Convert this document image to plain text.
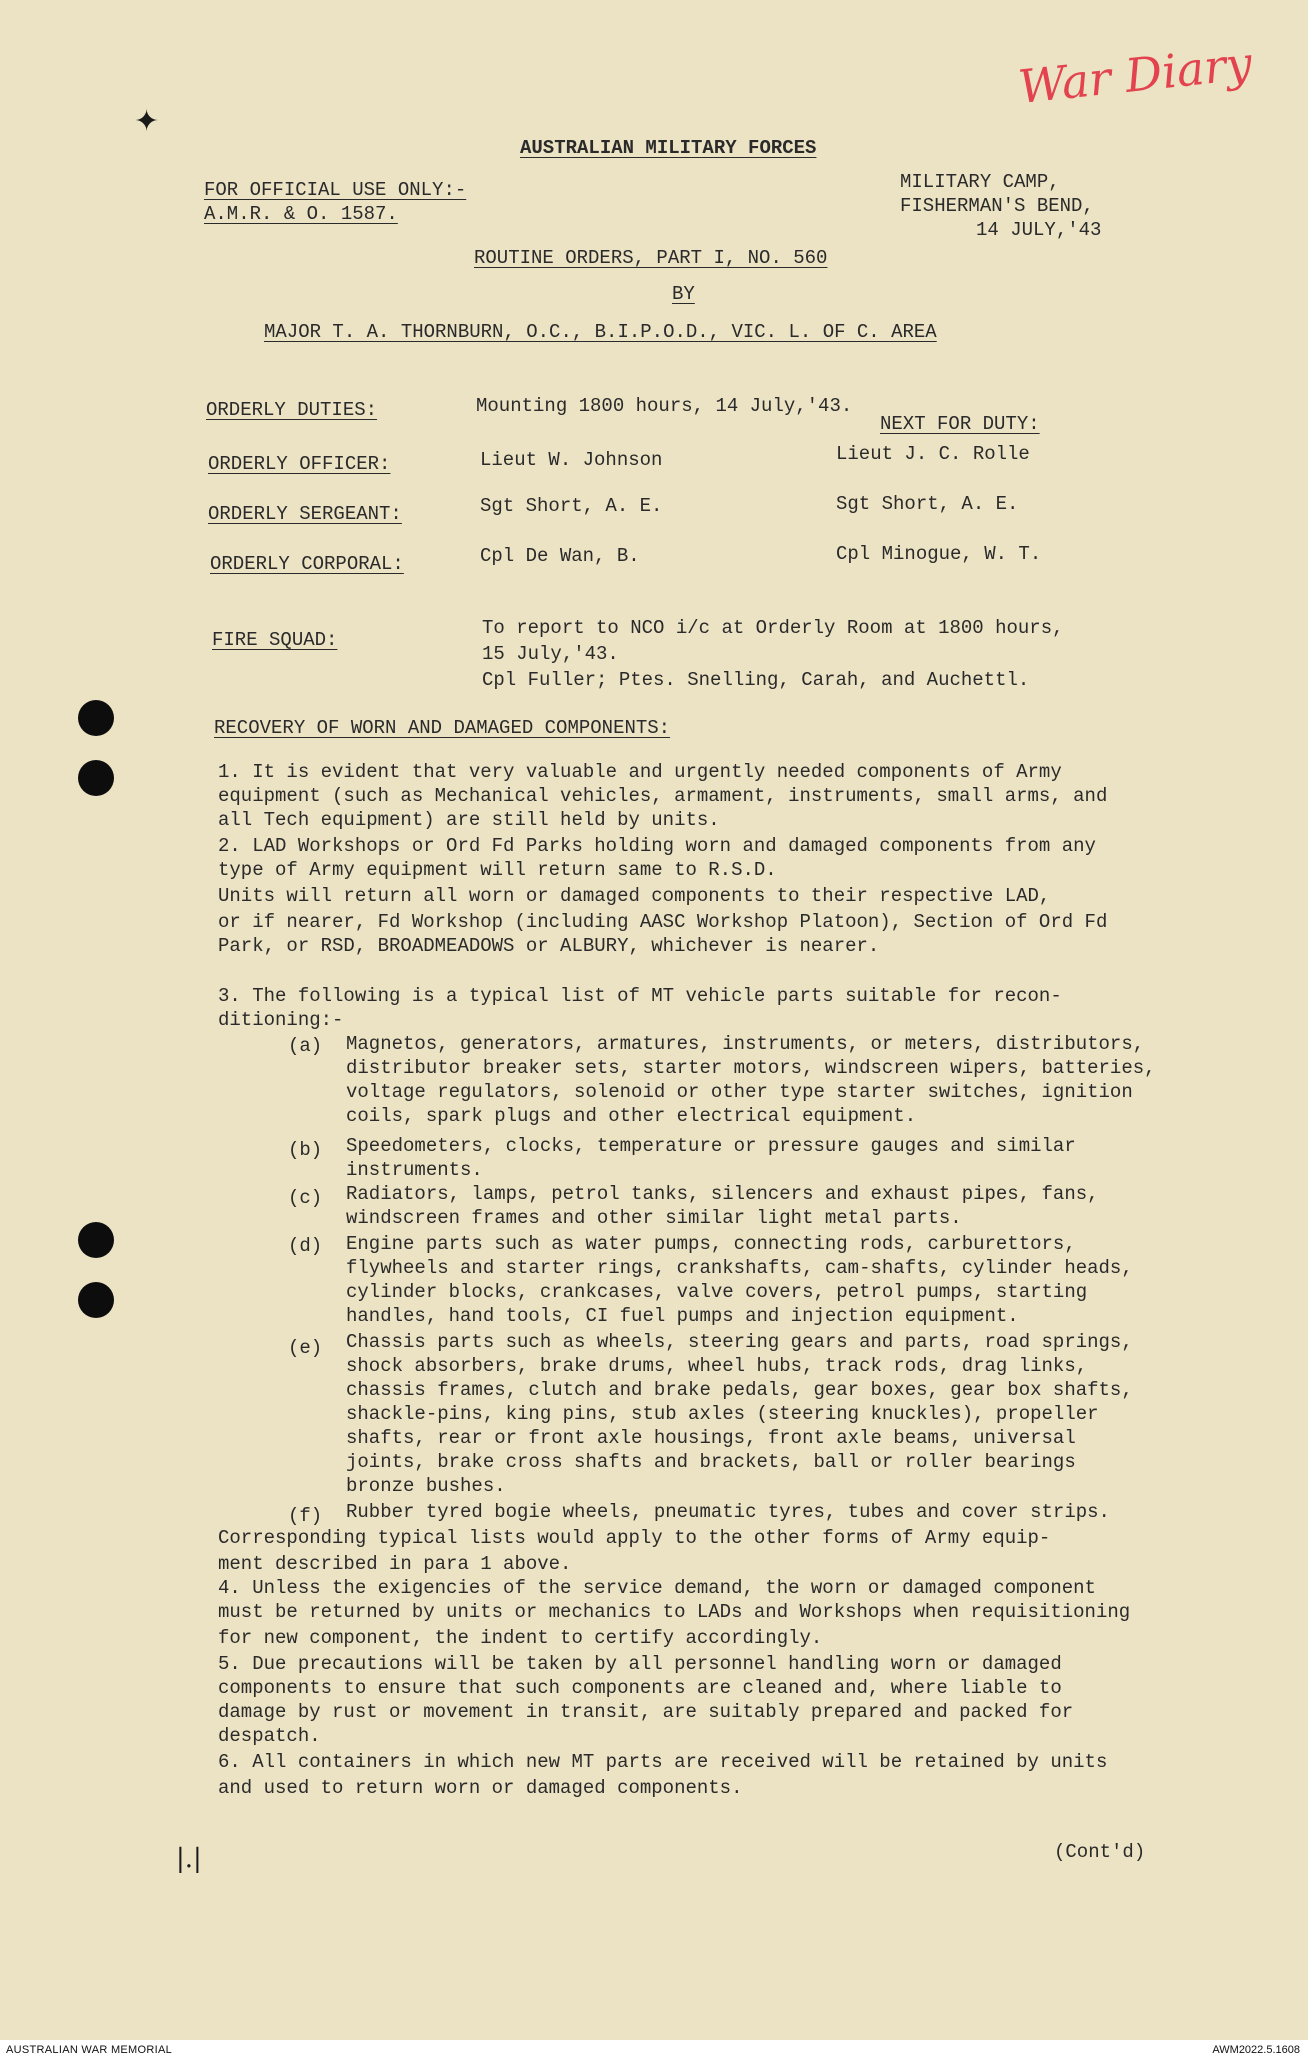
War Diary
✦
AUSTRALIAN MILITARY FORCES
FOR OFFICIAL USE ONLY:-
A.M.R. & O. 1587.
MILITARY CAMP,
FISHERMAN'S BEND,
14 JULY,'43
ROUTINE ORDERS, PART I, NO. 560
BY
MAJOR T. A. THORNBURN, O.C., B.I.P.O.D., VIC. L. OF C. AREA
ORDERLY DUTIES:	Mounting 1800 hours, 14 July,'43.
NEXT FOR DUTY:
ORDERLY OFFICER:	Lieut W. Johnson	Lieut J. C. Rolle
ORDERLY SERGEANT:	Sgt Short, A. E.	Sgt Short, A. E.
ORDERLY CORPORAL:	Cpl De Wan, B.	Cpl Minogue, W. T.
FIRE SQUAD:
To report to NCO i/c at Orderly Room at 1800 hours,
15 July,'43.
Cpl Fuller; Ptes. Snelling, Carah, and Auchettl.
RECOVERY OF WORN AND DAMAGED COMPONENTS:
1. It is evident that very valuable and urgently needed components of Army
equipment (such as Mechanical vehicles, armament, instruments, small arms, and
all Tech equipment) are still held by units.
2. LAD Workshops or Ord Fd Parks holding worn and damaged components from any
type of Army equipment will return same to R.S.D.
Units will return all worn or damaged components to their respective LAD,
or if nearer, Fd Workshop (including AASC Workshop Platoon), Section of Ord Fd
Park, or RSD, BROADMEADOWS or ALBURY, whichever is nearer.
3. The following is a typical list of MT vehicle parts suitable for recon-
ditioning:-
(a) Magnetos, generators, armatures, instruments, or meters, distributors,
distributor breaker sets, starter motors, windscreen wipers, batteries,
voltage regulators, solenoid or other type starter switches, ignition
coils, spark plugs and other electrical equipment.
(b) Speedometers, clocks, temperature or pressure gauges and similar
instruments.
(c) Radiators, lamps, petrol tanks, silencers and exhaust pipes, fans,
windscreen frames and other similar light metal parts.
(d) Engine parts such as water pumps, connecting rods, carburettors,
flywheels and starter rings, crankshafts, cam-shafts, cylinder heads,
cylinder blocks, crankcases, valve covers, petrol pumps, starting
handles, hand tools, CI fuel pumps and injection equipment.
(e) Chassis parts such as wheels, steering gears and parts, road springs,
shock absorbers, brake drums, wheel hubs, track rods, drag links,
chassis frames, clutch and brake pedals, gear boxes, gear box shafts,
shackle-pins, king pins, stub axles (steering knuckles), propeller
shafts, rear or front axle housings, front axle beams, universal
joints, brake cross shafts and brackets, ball or roller bearings
bronze bushes.
(f) Rubber tyred bogie wheels, pneumatic tyres, tubes and cover strips.
Corresponding typical lists would apply to the other forms of Army equip-
ment described in para 1 above.
4. Unless the exigencies of the service demand, the worn or damaged component
must be returned by units or mechanics to LADs and Workshops when requisitioning
for new component, the indent to certify accordingly.
5. Due precautions will be taken by all personnel handling worn or damaged
components to ensure that such components are cleaned and, where liable to
damage by rust or movement in transit, are suitably prepared and packed for
despatch.
6. All containers in which new MT parts are received will be retained by units
and used to return worn or damaged components.
|.|	(Cont'd)
AUSTRALIAN WAR MEMORIAL	AWM2022.5.1608
